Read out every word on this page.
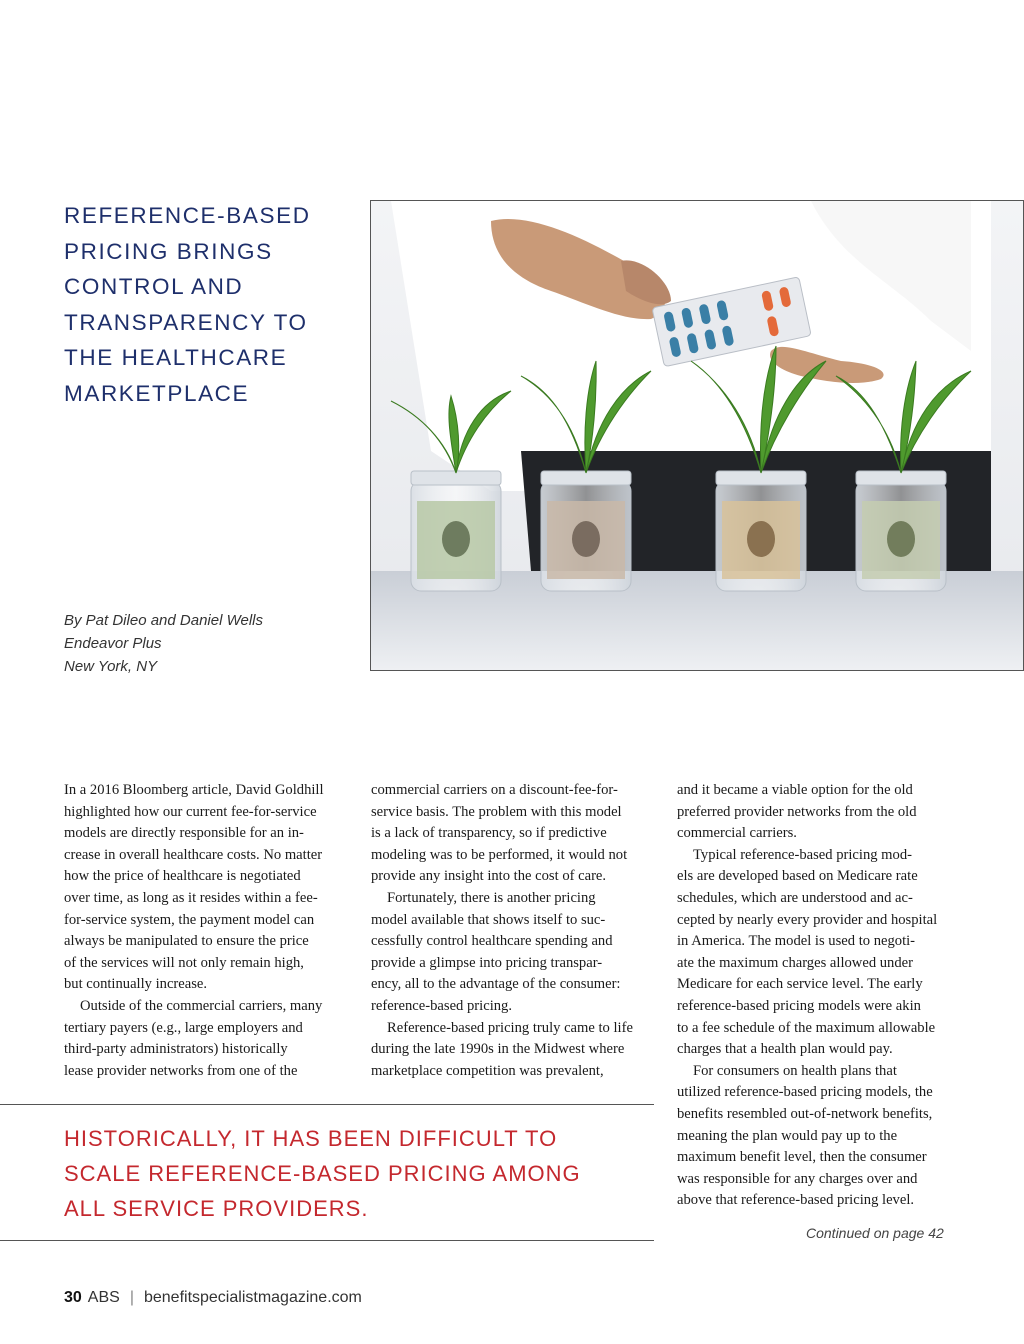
REFERENCE-BASED
PRICING BRINGS
CONTROL AND
TRANSPARENCY TO
THE HEALTHCARE
MARKETPLACE
By Pat Dileo and Daniel Wells
Endeavor Plus
New York, NY

In a 2016 Bloomberg article, David Goldhill
highlighted how our current fee-for-service
models are directly responsible for an in-
crease in overall healthcare costs. No matter
how the price of healthcare is negotiated
over time, as long as it resides within a fee-
for-service system, the payment model can
always be manipulated to ensure the price
of the services will not only remain high,
but continually increase.

Outside of the commercial carriers, many
tertiary payers (e.g., large employers and
third-party administrators) historically
lease provider networks from one of the

commercial carriers on a discount-fee-for-
service basis. The problem with this model
is a lack of transparency, so if predictive
modeling was to be performed, it would not
provide any insight into the cost of care.

Fortunately, there is another pricing
model available that shows itself to suc-
cessfully control healthcare spending and
provide a glimpse into pricing transpar-
ency, all to the advantage of the consumer:
reference-based pricing.

Reference-based pricing truly came to life
during the late 1990s in the Midwest where
marketplace competition was prevalent,

and it became a viable option for the old
preferred provider networks from the old
commercial carriers.

Typical reference-based pricing mod-
els are developed based on Medicare rate
schedules, which are understood and ac-
cepted by nearly every provider and hospital
in America. The model is used to negoti-
ate the maximum charges allowed under
Medicare for each service level. The early
reference-based pricing models were akin
to a fee schedule of the maximum allowable
charges that a health plan would pay.

For consumers on health plans that
utilized reference-based pricing models, the
benefits resembled out-of-network benefits,
meaning the plan would pay up to the
maximum benefit level, then the consumer
was responsible for any charges over and
above that reference-based pricing level.

HISTORICALLY, IT HAS BEEN DIFFICULT TO
SCALE REFERENCE-BASED PRICING AMONG
ALL SERVICE PROVIDERS.
Continued on page 42
30 ABS | benefitspecialistmagazine.com
